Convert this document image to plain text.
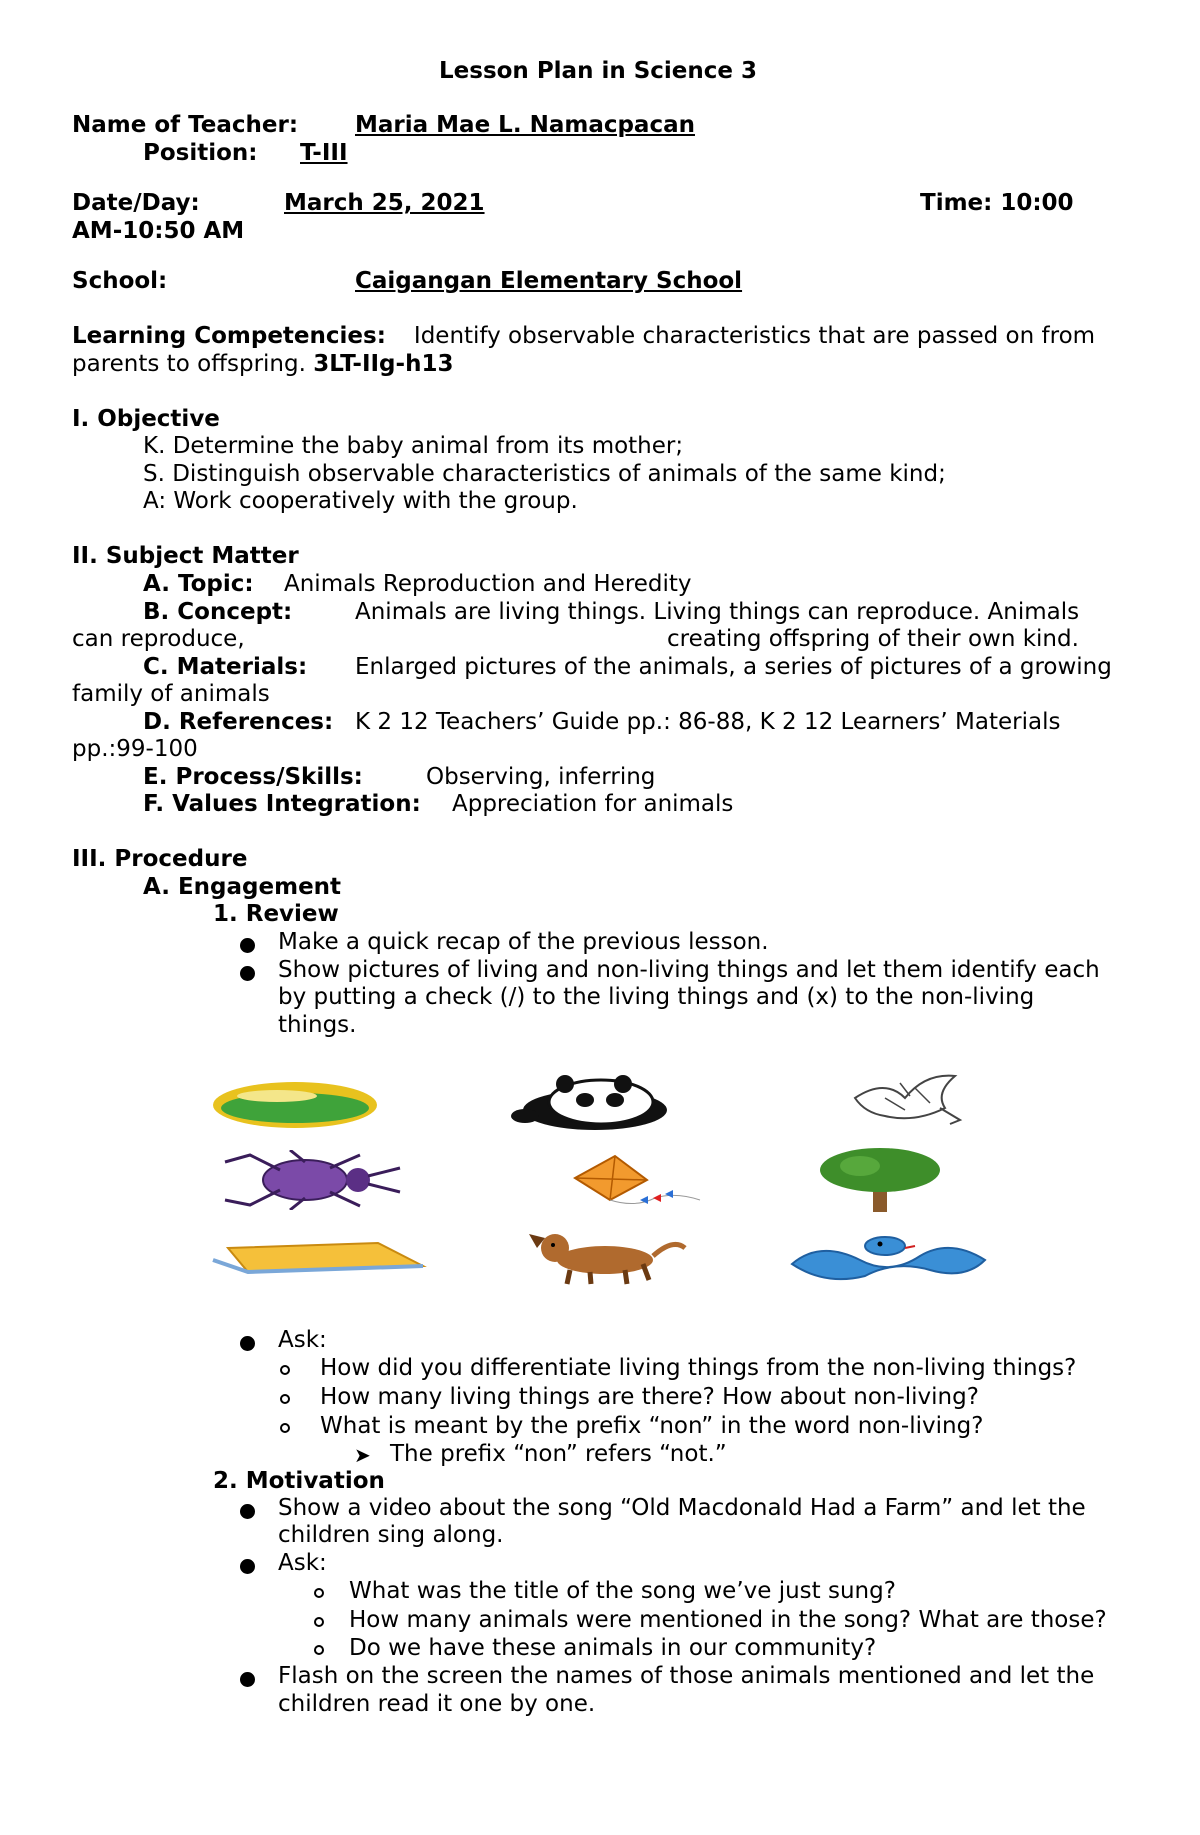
Lesson Plan in Science 3
Name of Teacher: Maria Mae L. Namacpacan
Position: T-III
Date/Day:	March 25, 2021	Time: 10:00
AM-10:50 AM
School:	Caigangan Elementary School
Learning Competencies: Identify observable characteristics that are passed on from
parents to offspring. 3LT-IIg-h13
I. Objective
K. Determine the baby animal from its mother;
S. Distinguish observable characteristics of animals of the same kind;
A: Work cooperatively with the group.
II. Subject Matter
A. Topic: Animals Reproduction and Heredity
B. Concept:	Animals are living things. Living things can reproduce. Animals
can reproduce,	creating offspring of their own kind.
C. Materials: Enlarged pictures of the animals, a series of pictures of a growing
family of animals
D. References: K 2 12 Teachers’ Guide pp.: 86-88, K 2 12 Learners’ Materials
pp.:99-100
E. Process/Skills:	Observing, inferring
F. Values Integration: Appreciation for animals
III. Procedure
A. Engagement
1. Review
Make a quick recap of the previous lesson.
Show pictures of living and non-living things and let them identify each
by putting a check (/) to the living things and (x) to the non-living
things.
Ask:
How did you differentiate living things from the non-living things?
How many living things are there? How about non-living?
What is meant by the prefix “non” in the word non-living?
➤ The prefix “non” refers “not.”
2. Motivation
Show a video about the song “Old Macdonald Had a Farm” and let the
children sing along.
Ask:
What was the title of the song we’ve just sung?
How many animals were mentioned in the song? What are those?
Do we have these animals in our community?
Flash on the screen the names of those animals mentioned and let the
children read it one by one.
